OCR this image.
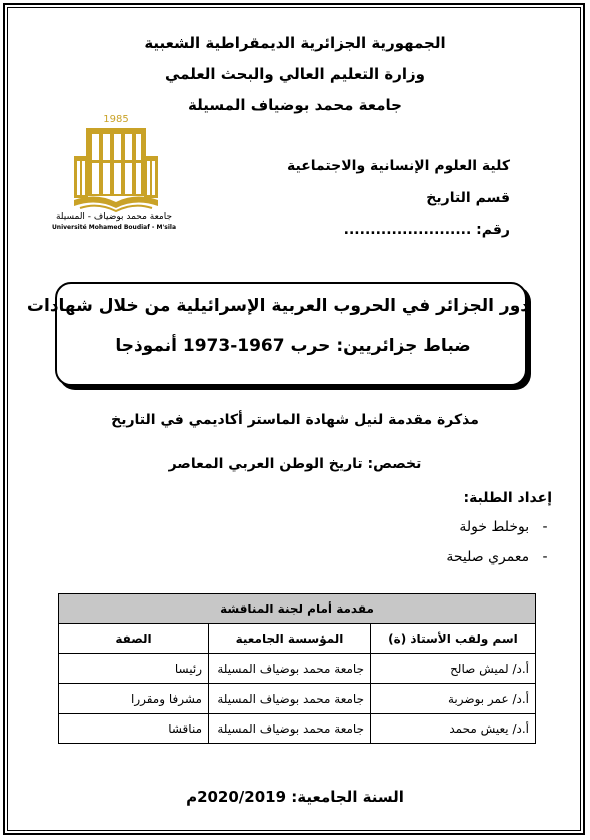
الجمهورية الجزائرية الديمقراطية الشعبية
وزارة التعليم العالي والبحث العلمي
جامعة محمد بوضياف المسيلة
1985
جامعة محمد بوضياف - المسيلة
Université Mohamed Boudiaf - M'sila
كلية العلوم الإنسانية والاجتماعية
قسم التاريخ
رقم: ........................
دور الجزائر في الحروب العربية الإسرائيلية من خلال شهادات
ضباط جزائريين: حرب 1967-1973 أنموذجا
مذكرة مقدمة لنيل شهادة الماستر أكاديمي في التاريخ
تخصص: تاريخ الوطن العربي المعاصر
إعداد الطلبة:
-   بوخلط خولة
-   معمري صليحة
مقدمة أمام لجنة المناقشة		
اسم ولقب الأستاذ (ة)	المؤسسة الجامعية	الصفة
أ.د/ لميش صالح	جامعة محمد بوضياف المسيلة	رئيسا
أ.د/ عمر بوضربة	جامعة محمد بوضياف المسيلة	مشرفا ومقررا
أ.د/ يعيش محمد	جامعة محمد بوضياف المسيلة	مناقشا
السنة الجامعية: 2020/2019م
